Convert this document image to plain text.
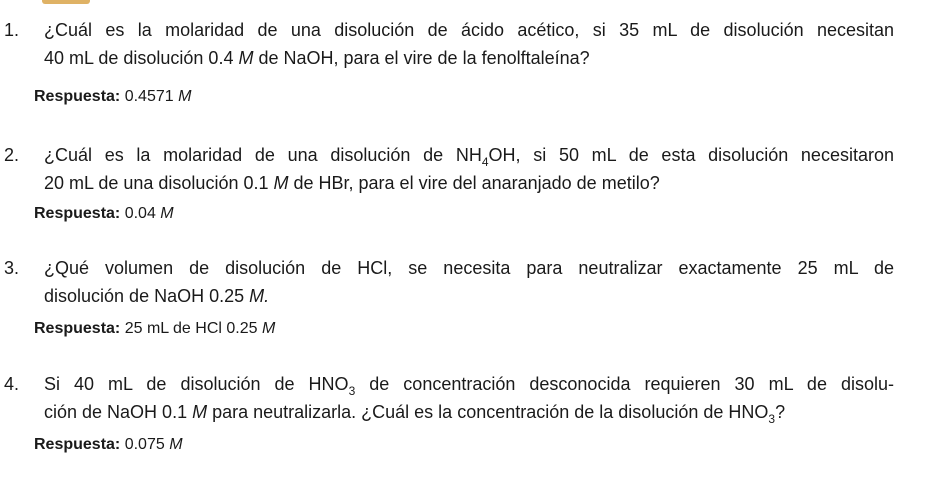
1. ¿Cuál es la molaridad de una disolución de ácido acético, si 35 mL de disolución necesitan
40 mL de disolución 0.4 M de NaOH, para el vire de la fenolftaleína?
Respuesta: 0.4571 M
2. ¿Cuál es la molaridad de una disolución de $NH_4OH$, si 50 mL de esta disolución necesitaron
20 mL de una disolución 0.1 M de HBr, para el vire del anaranjado de metilo?
Respuesta: 0.04 M
3. ¿Qué volumen de disolución de HCl, se necesita para neutralizar exactamente 25 mL de
disolución de NaOH 0.25 M.
Respuesta: 25 mL de HCl 0.25 M
4. Si 40 mL de disolución de $HNO_3$ de concentración desconocida requieren 30 mL de disolu-
ción de NaOH 0.1 M para neutralizarla. ¿Cuál es la concentración de la disolución de $HNO_3$?
Respuesta: 0.075 M
